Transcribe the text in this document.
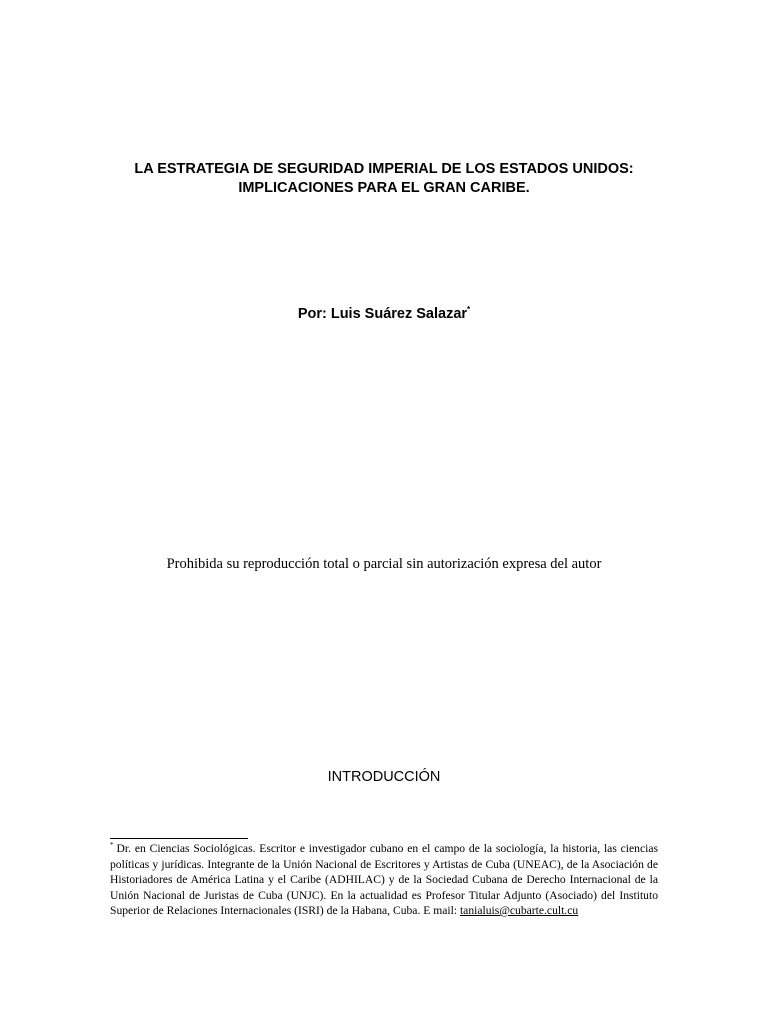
LA ESTRATEGIA DE SEGURIDAD IMPERIAL DE LOS ESTADOS UNIDOS:
IMPLICACIONES PARA EL GRAN CARIBE.
Por: Luis Suárez Salazar*
Prohibida su reproducción total o parcial sin autorización expresa del autor
INTRODUCCIÓN
* Dr. en Ciencias Sociológicas. Escritor e investigador cubano en el campo de la sociología, la historia, las ciencias políticas y jurídicas. Integrante de la Unión Nacional de Escritores y Artistas de Cuba (UNEAC), de la Asociación de Historiadores de América Latina y el Caribe (ADHILAC) y de la Sociedad Cubana de Derecho Internacional de la Unión Nacional de Juristas de Cuba (UNJC). En la actualidad es Profesor Titular Adjunto (Asociado) del Instituto Superior de Relaciones Internacionales (ISRI) de la Habana, Cuba. E mail: tanialuis@cubarte.cult.cu
